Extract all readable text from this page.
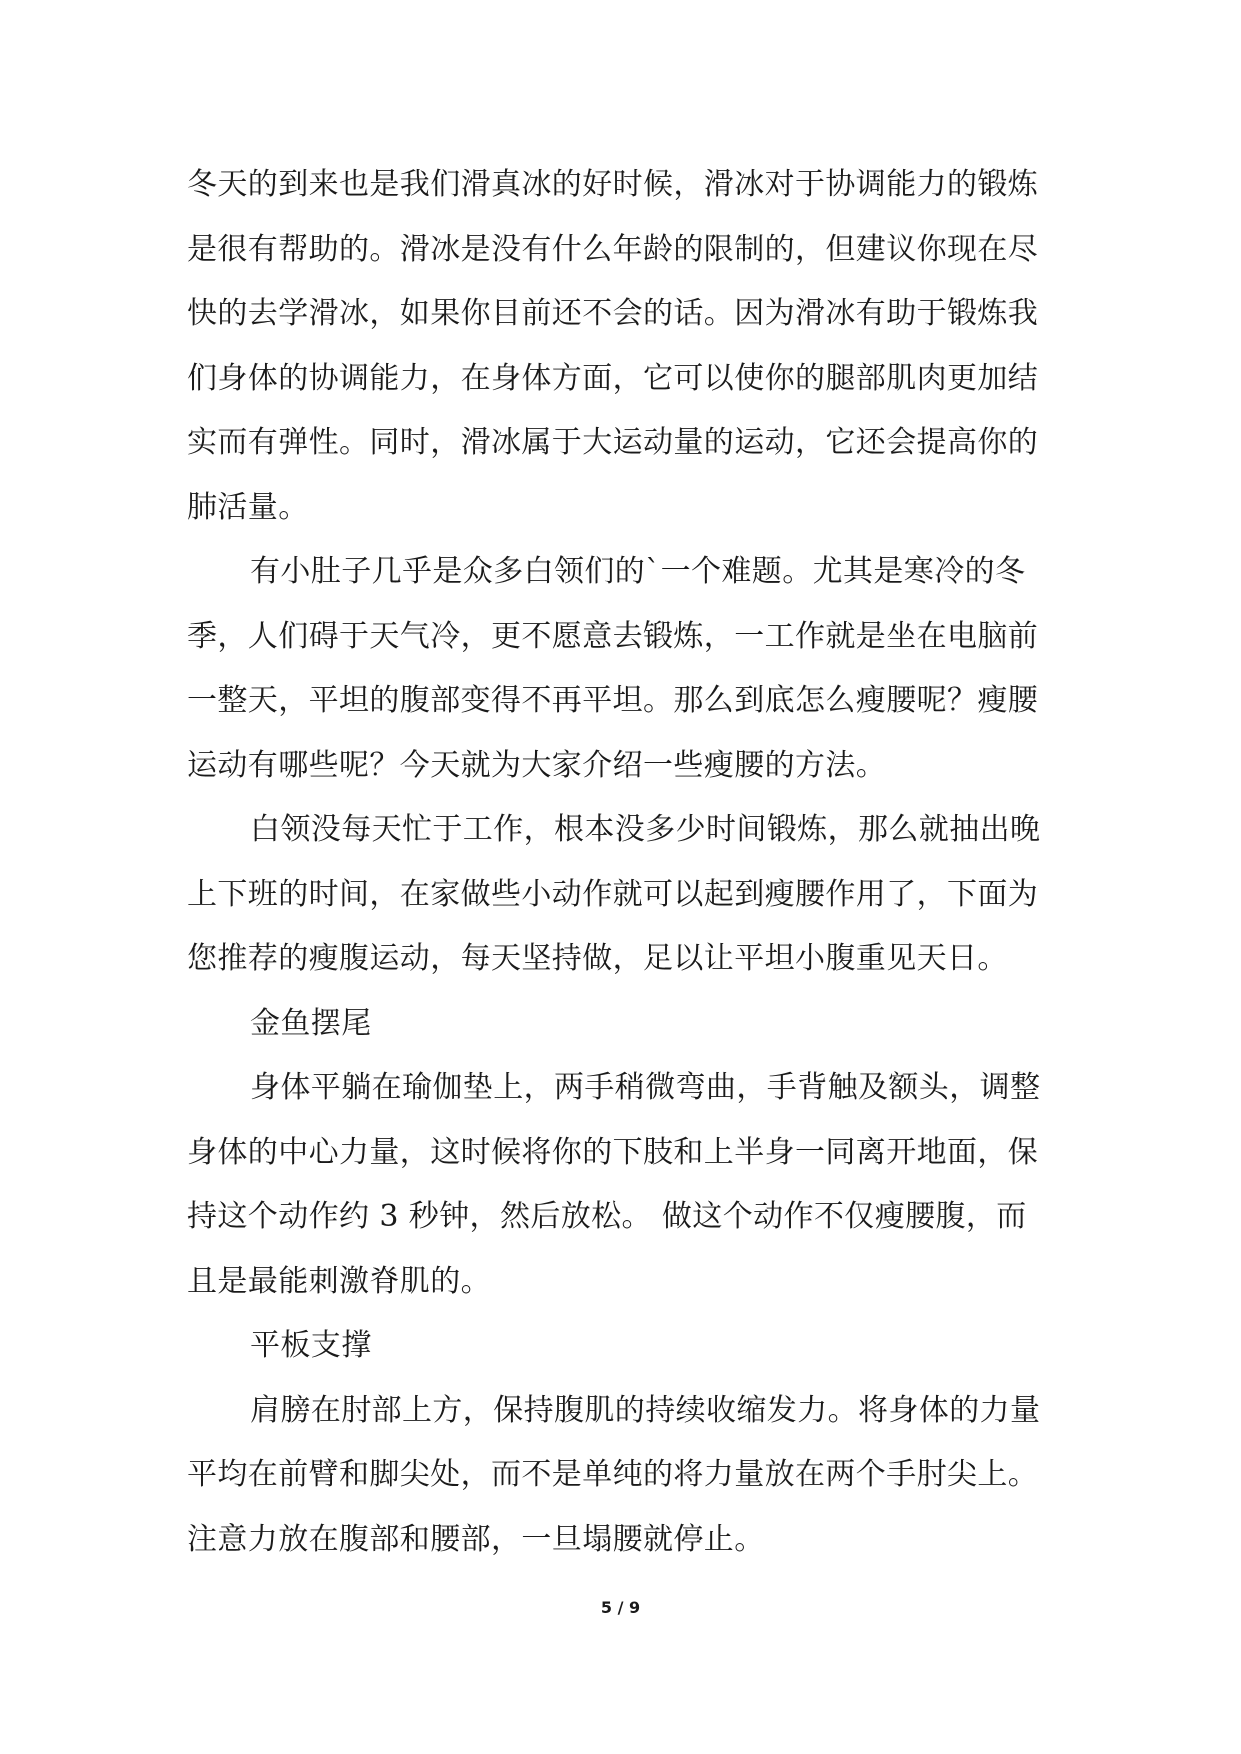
冬天的到来也是我们滑真冰的好时候，滑冰对于协调能力的锻炼
是很有帮助的。滑冰是没有什么年龄的限制的，但建议你现在尽
快的去学滑冰，如果你目前还不会的话。因为滑冰有助于锻炼我
们身体的协调能力，在身体方面，它可以使你的腿部肌肉更加结
实而有弹性。同时，滑冰属于大运动量的运动，它还会提高你的
肺活量。
有小肚子几乎是众多白领们的`一个难题。尤其是寒冷的冬
季，人们碍于天气冷，更不愿意去锻炼，一工作就是坐在电脑前
一整天，平坦的腹部变得不再平坦。那么到底怎么瘦腰呢？瘦腰
运动有哪些呢？今天就为大家介绍一些瘦腰的方法。
白领没每天忙于工作，根本没多少时间锻炼，那么就抽出晚
上下班的时间，在家做些小动作就可以起到瘦腰作用了，下面为
您推荐的瘦腹运动，每天坚持做，足以让平坦小腹重见天日。
金鱼摆尾
身体平躺在瑜伽垫上，两手稍微弯曲，手背触及额头，调整
身体的中心力量，这时候将你的下肢和上半身一同离开地面，保
持这个动作约 3 秒钟，然后放松。 做这个动作不仅瘦腰腹，而
且是最能刺激脊肌的。
平板支撑
肩膀在肘部上方，保持腹肌的持续收缩发力。将身体的力量
平均在前臂和脚尖处，而不是单纯的将力量放在两个手肘尖上。
注意力放在腹部和腰部，一旦塌腰就停止。
5 / 9
